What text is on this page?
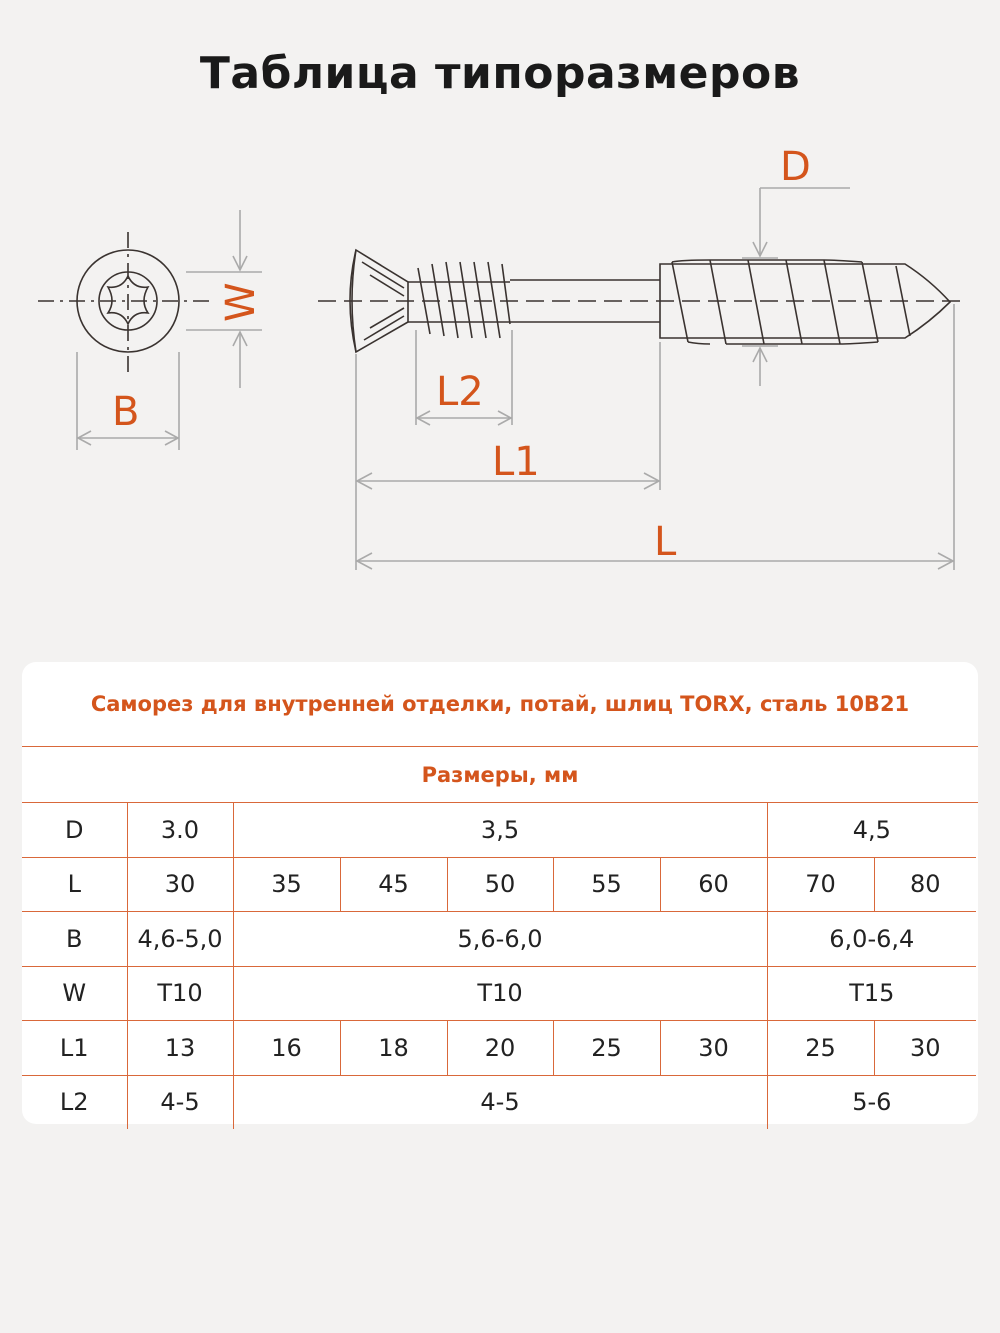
Таблица типоразмеров
D
W
B	L2
L1
L
Саморез для внутренней отделки, потай, шлиц TORX, сталь 10B21
Размеры, мм
D	3.0	3,5					4,5	
L	30	35	45	50	55	60	70	80
B	4,6-5,0	5,6-6,0					6,0-6,4	
W	T10	T10					T15	
L1	13	16	18	20	25	30	25	30
L2	4-5	4-5					5-6	
